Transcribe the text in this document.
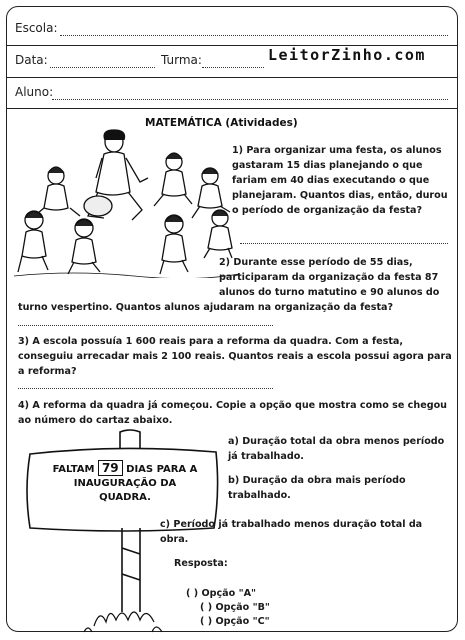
Escola:
Data:	Turma:	LeitorZinho.com
Aluno:
MATEMÁTICA (Atividades)
1) Para organizar uma festa, os alunos
gastaram 15 dias planejando o que
fariam em 40 dias executando o que
planejaram. Quantos dias, então, durou
o período de organização da festa?
2) Durante esse período de 55 dias,
participaram da organização da festa 87
alunos do turno matutino e 90 alunos do
turno vespertino. Quantos alunos ajudaram na organização da festa?
3) A escola possuía 1 600 reais para a reforma da quadra. Com a festa,
conseguiu arrecadar mais 2 100 reais. Quantos reais a escola possui agora para
a reforma?
4) A reforma da quadra já começou. Copie a opção que mostra como se chegou
ao número do cartaz abaixo.
FALTAM 79 DIAS PARA A
INAUGURAÇÃO DA
QUADRA.
a) Duração total da obra menos período
já trabalhado.
b) Duração da obra mais período
trabalhado.
c) Período já trabalhado menos duração total da
obra.
Resposta:
( ) Opção "A"
( ) Opção "B"
( ) Opção "C"
